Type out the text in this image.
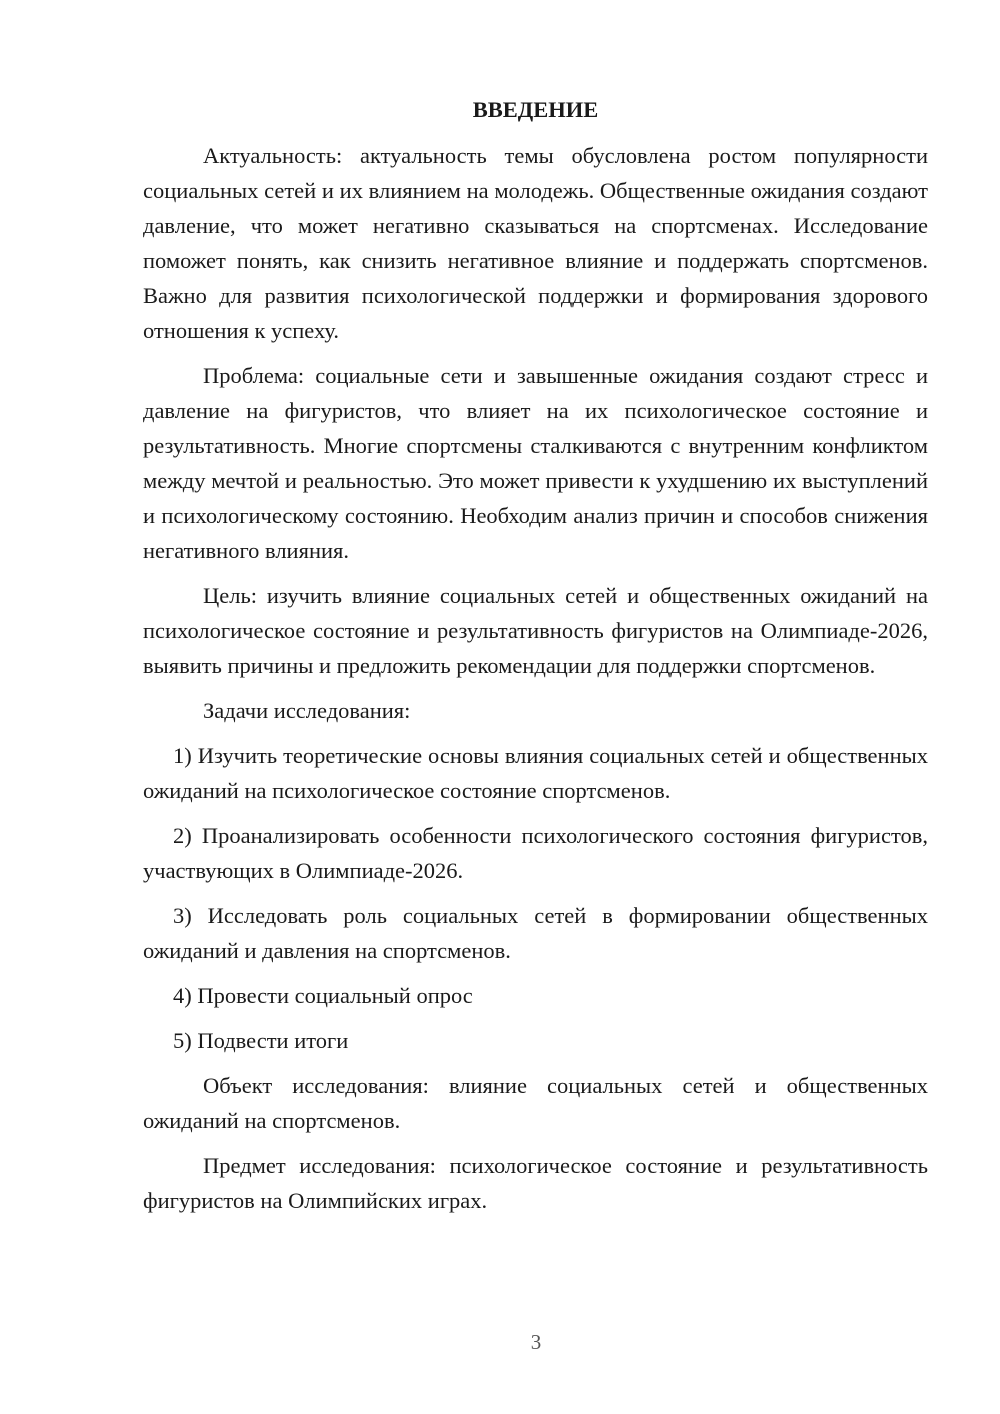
ВВЕДЕНИЕ

Актуальность: актуальность темы обусловлена ростом популярности социальных сетей и их влиянием на молодежь. Общественные ожидания создают давление, что может негативно сказываться на спортсменах. Исследование поможет понять, как снизить негативное влияние и поддержать спортсменов. Важно для развития психологической поддержки и формирования здорового отношения к успеху.

Проблема: социальные сети и завышенные ожидания создают стресс и давление на фигуристов, что влияет на их психологическое состояние и результативность. Многие спортсмены сталкиваются с внутренним конфликтом между мечтой и реальностью. Это может привести к ухудшению их выступлений и психологическому состоянию. Необходим анализ причин и способов снижения негативного влияния.

Цель: изучить влияние социальных сетей и общественных ожиданий на психологическое состояние и результативность фигуристов на Олимпиаде-2026, выявить причины и предложить рекомендации для поддержки спортсменов.

Задачи исследования:

1) Изучить теоретические основы влияния социальных сетей и общественных ожиданий на психологическое состояние спортсменов.

2) Проанализировать особенности психологического состояния фигуристов, участвующих в Олимпиаде-2026.

3) Исследовать роль социальных сетей в формировании общественных ожиданий и давления на спортсменов.

4) Провести социальный опрос

5) Подвести итоги

Объект исследования: влияние социальных сетей и общественных ожиданий на спортсменов.

Предмет исследования: психологическое состояние и результативность фигуристов на Олимпийских играх.

3
